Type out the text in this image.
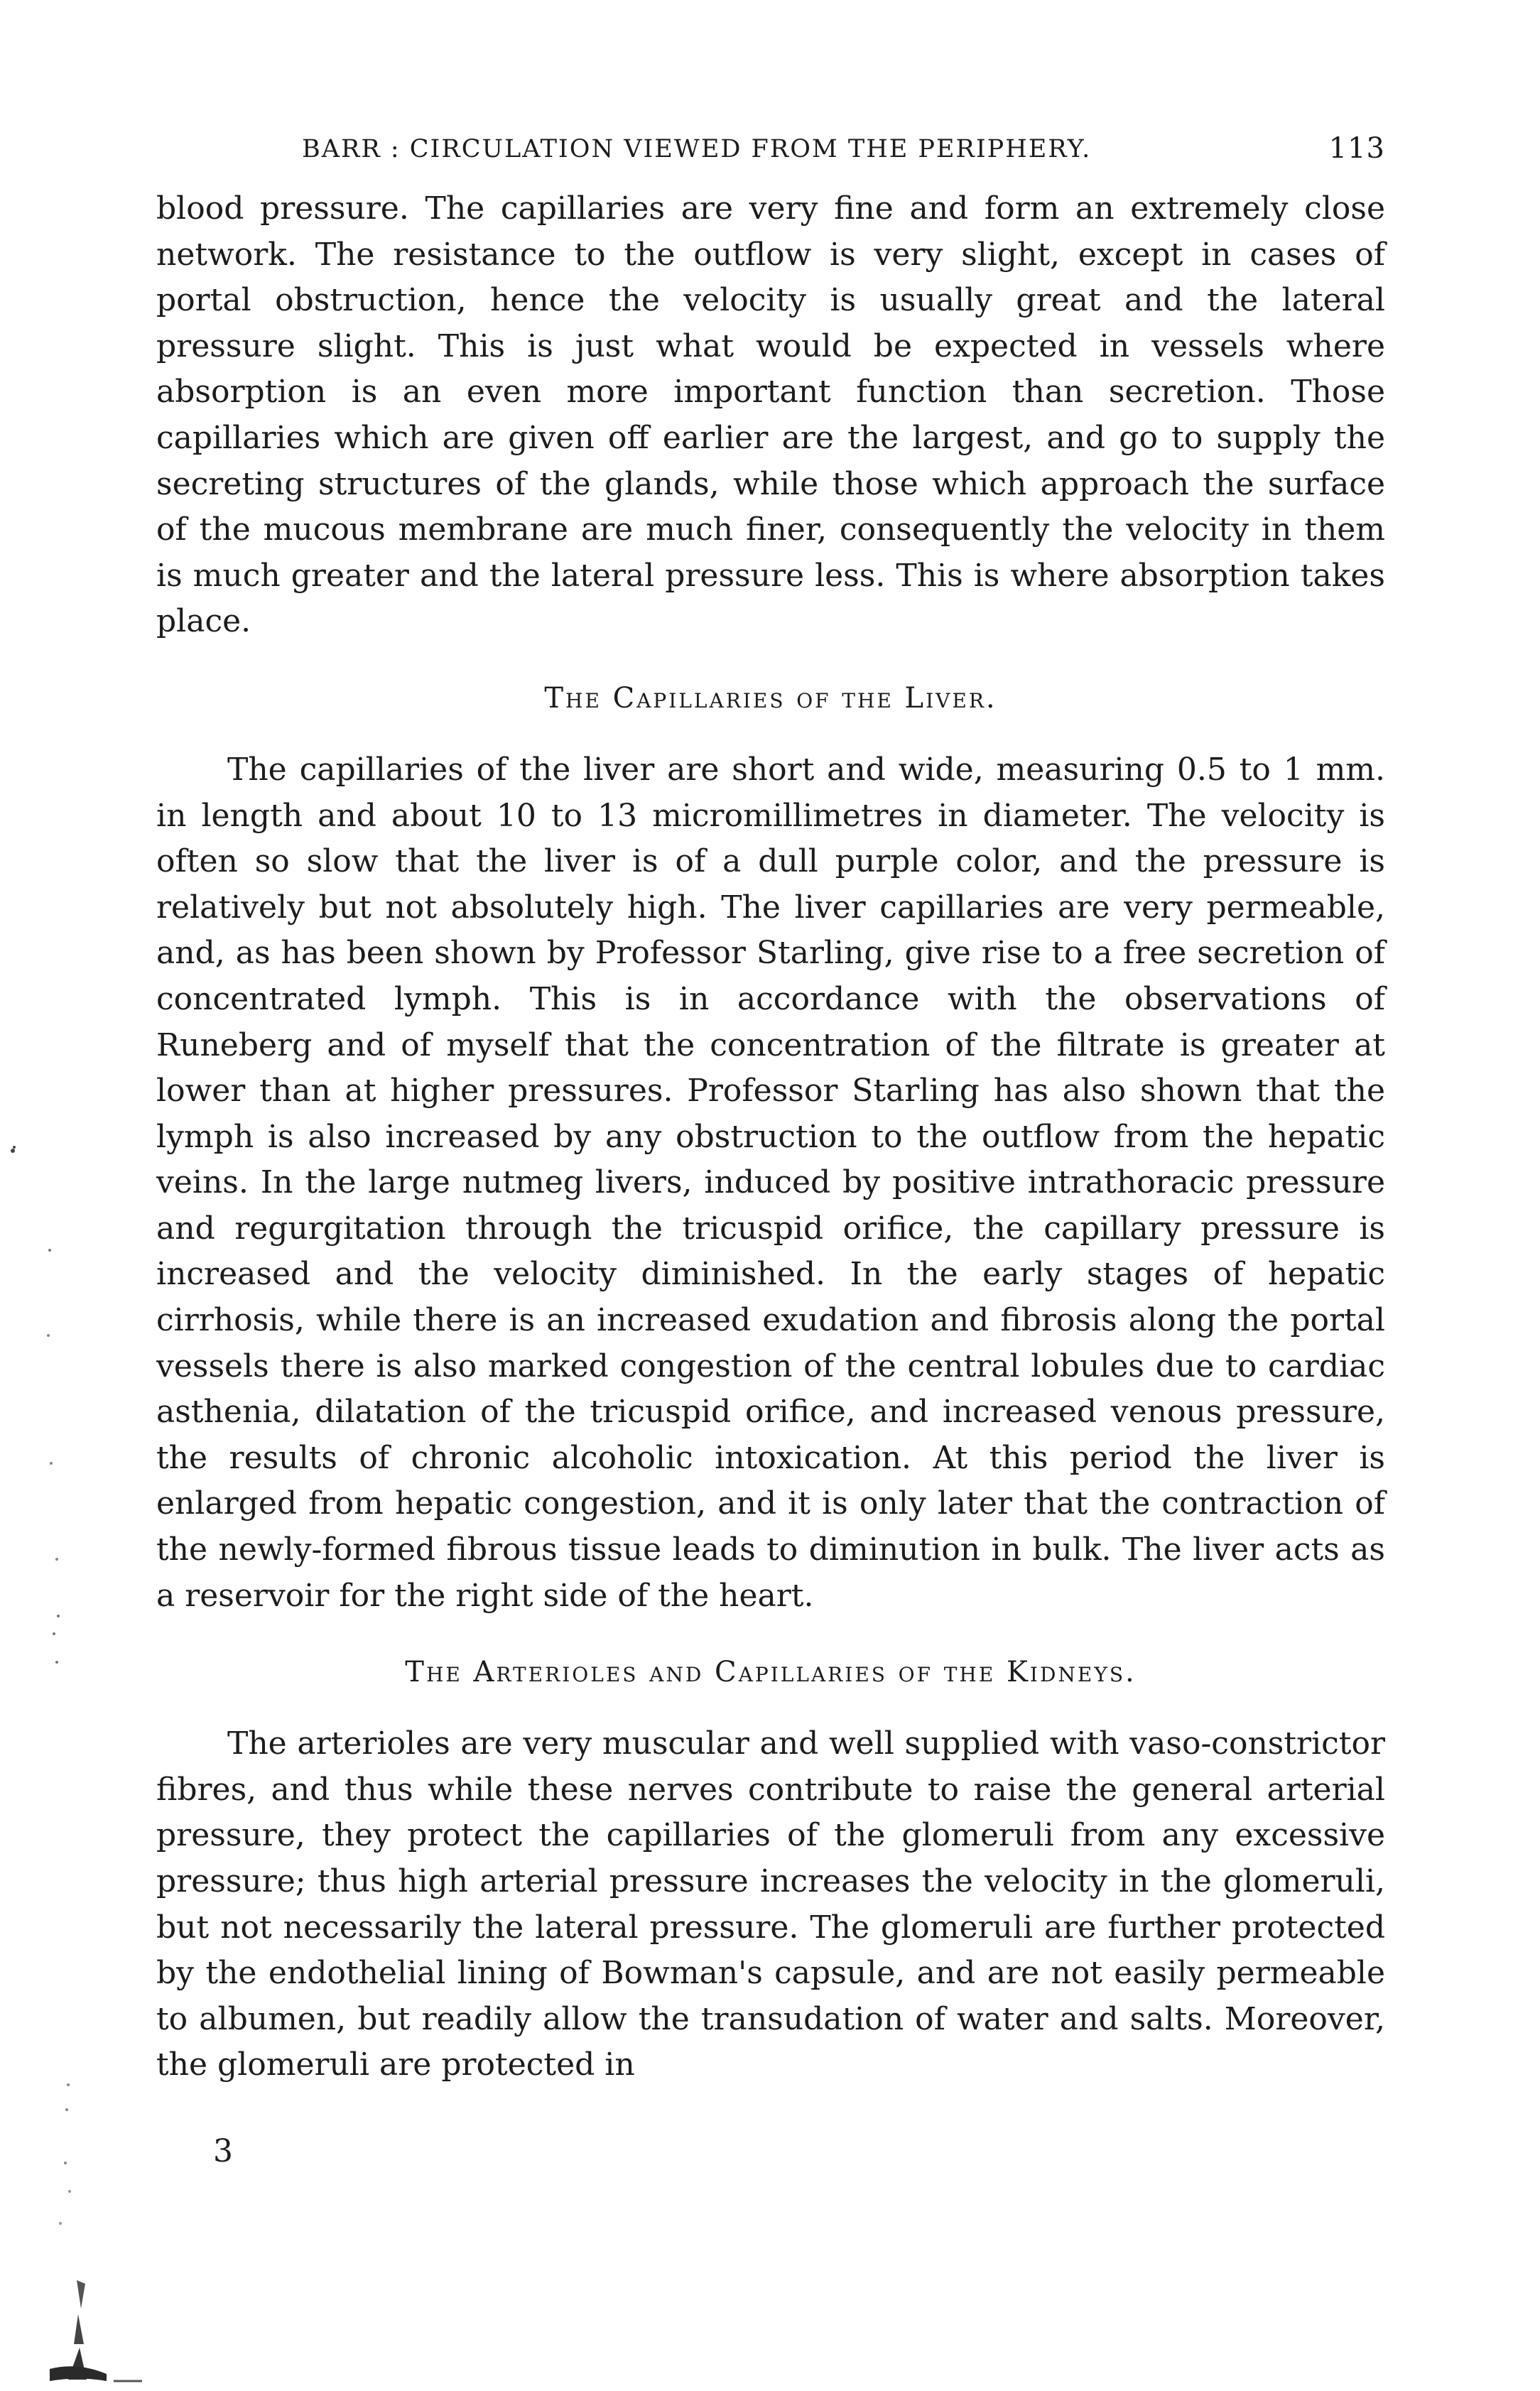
BARR : CIRCULATION VIEWED FROM THE PERIPHERY.	113

blood pressure. The capillaries are very fine and form an extremely close network. The resistance to the outflow is very slight, except in cases of portal obstruction, hence the velocity is usually great and the lateral pressure slight. This is just what would be expected in vessels where absorption is an even more important function than secretion. Those capillaries which are given off earlier are the largest, and go to supply the secreting structures of the glands, while those which approach the surface of the mucous membrane are much finer, consequently the velocity in them is much greater and the lateral pressure less. This is where absorption takes place.

The Capillaries of the Liver.

The capillaries of the liver are short and wide, measuring 0.5 to 1 mm. in length and about 10 to 13 micromillimetres in diameter. The velocity is often so slow that the liver is of a dull purple color, and the pressure is relatively but not absolutely high. The liver capillaries are very permeable, and, as has been shown by Professor Starling, give rise to a free secretion of concentrated lymph. This is in accordance with the observations of Runeberg and of myself that the concentration of the filtrate is greater at lower than at higher pressures. Professor Starling has also shown that the lymph is also increased by any obstruction to the outflow from the hepatic veins. In the large nutmeg livers, induced by positive intrathoracic pressure and regurgitation through the tricuspid orifice, the capillary pressure is increased and the velocity diminished. In the early stages of hepatic cirrhosis, while there is an increased exudation and fibrosis along the portal vessels there is also marked congestion of the central lobules due to cardiac asthenia, dilatation of the tricuspid orifice, and increased venous pressure, the results of chronic alcoholic intoxication. At this period the liver is enlarged from hepatic congestion, and it is only later that the contraction of the newly-formed fibrous tissue leads to diminution in bulk. The liver acts as a reservoir for the right side of the heart.

The Arterioles and Capillaries of the Kidneys.

The arterioles are very muscular and well supplied with vaso-constrictor fibres, and thus while these nerves contribute to raise the general arterial pressure, they protect the capillaries of the glomeruli from any excessive pressure; thus high arterial pressure increases the velocity in the glomeruli, but not necessarily the lateral pressure. The glomeruli are further protected by the endothelial lining of Bowman's capsule, and are not easily permeable to albumen, but readily allow the transudation of water and salts. Moreover, the glomeruli are protected in

3
